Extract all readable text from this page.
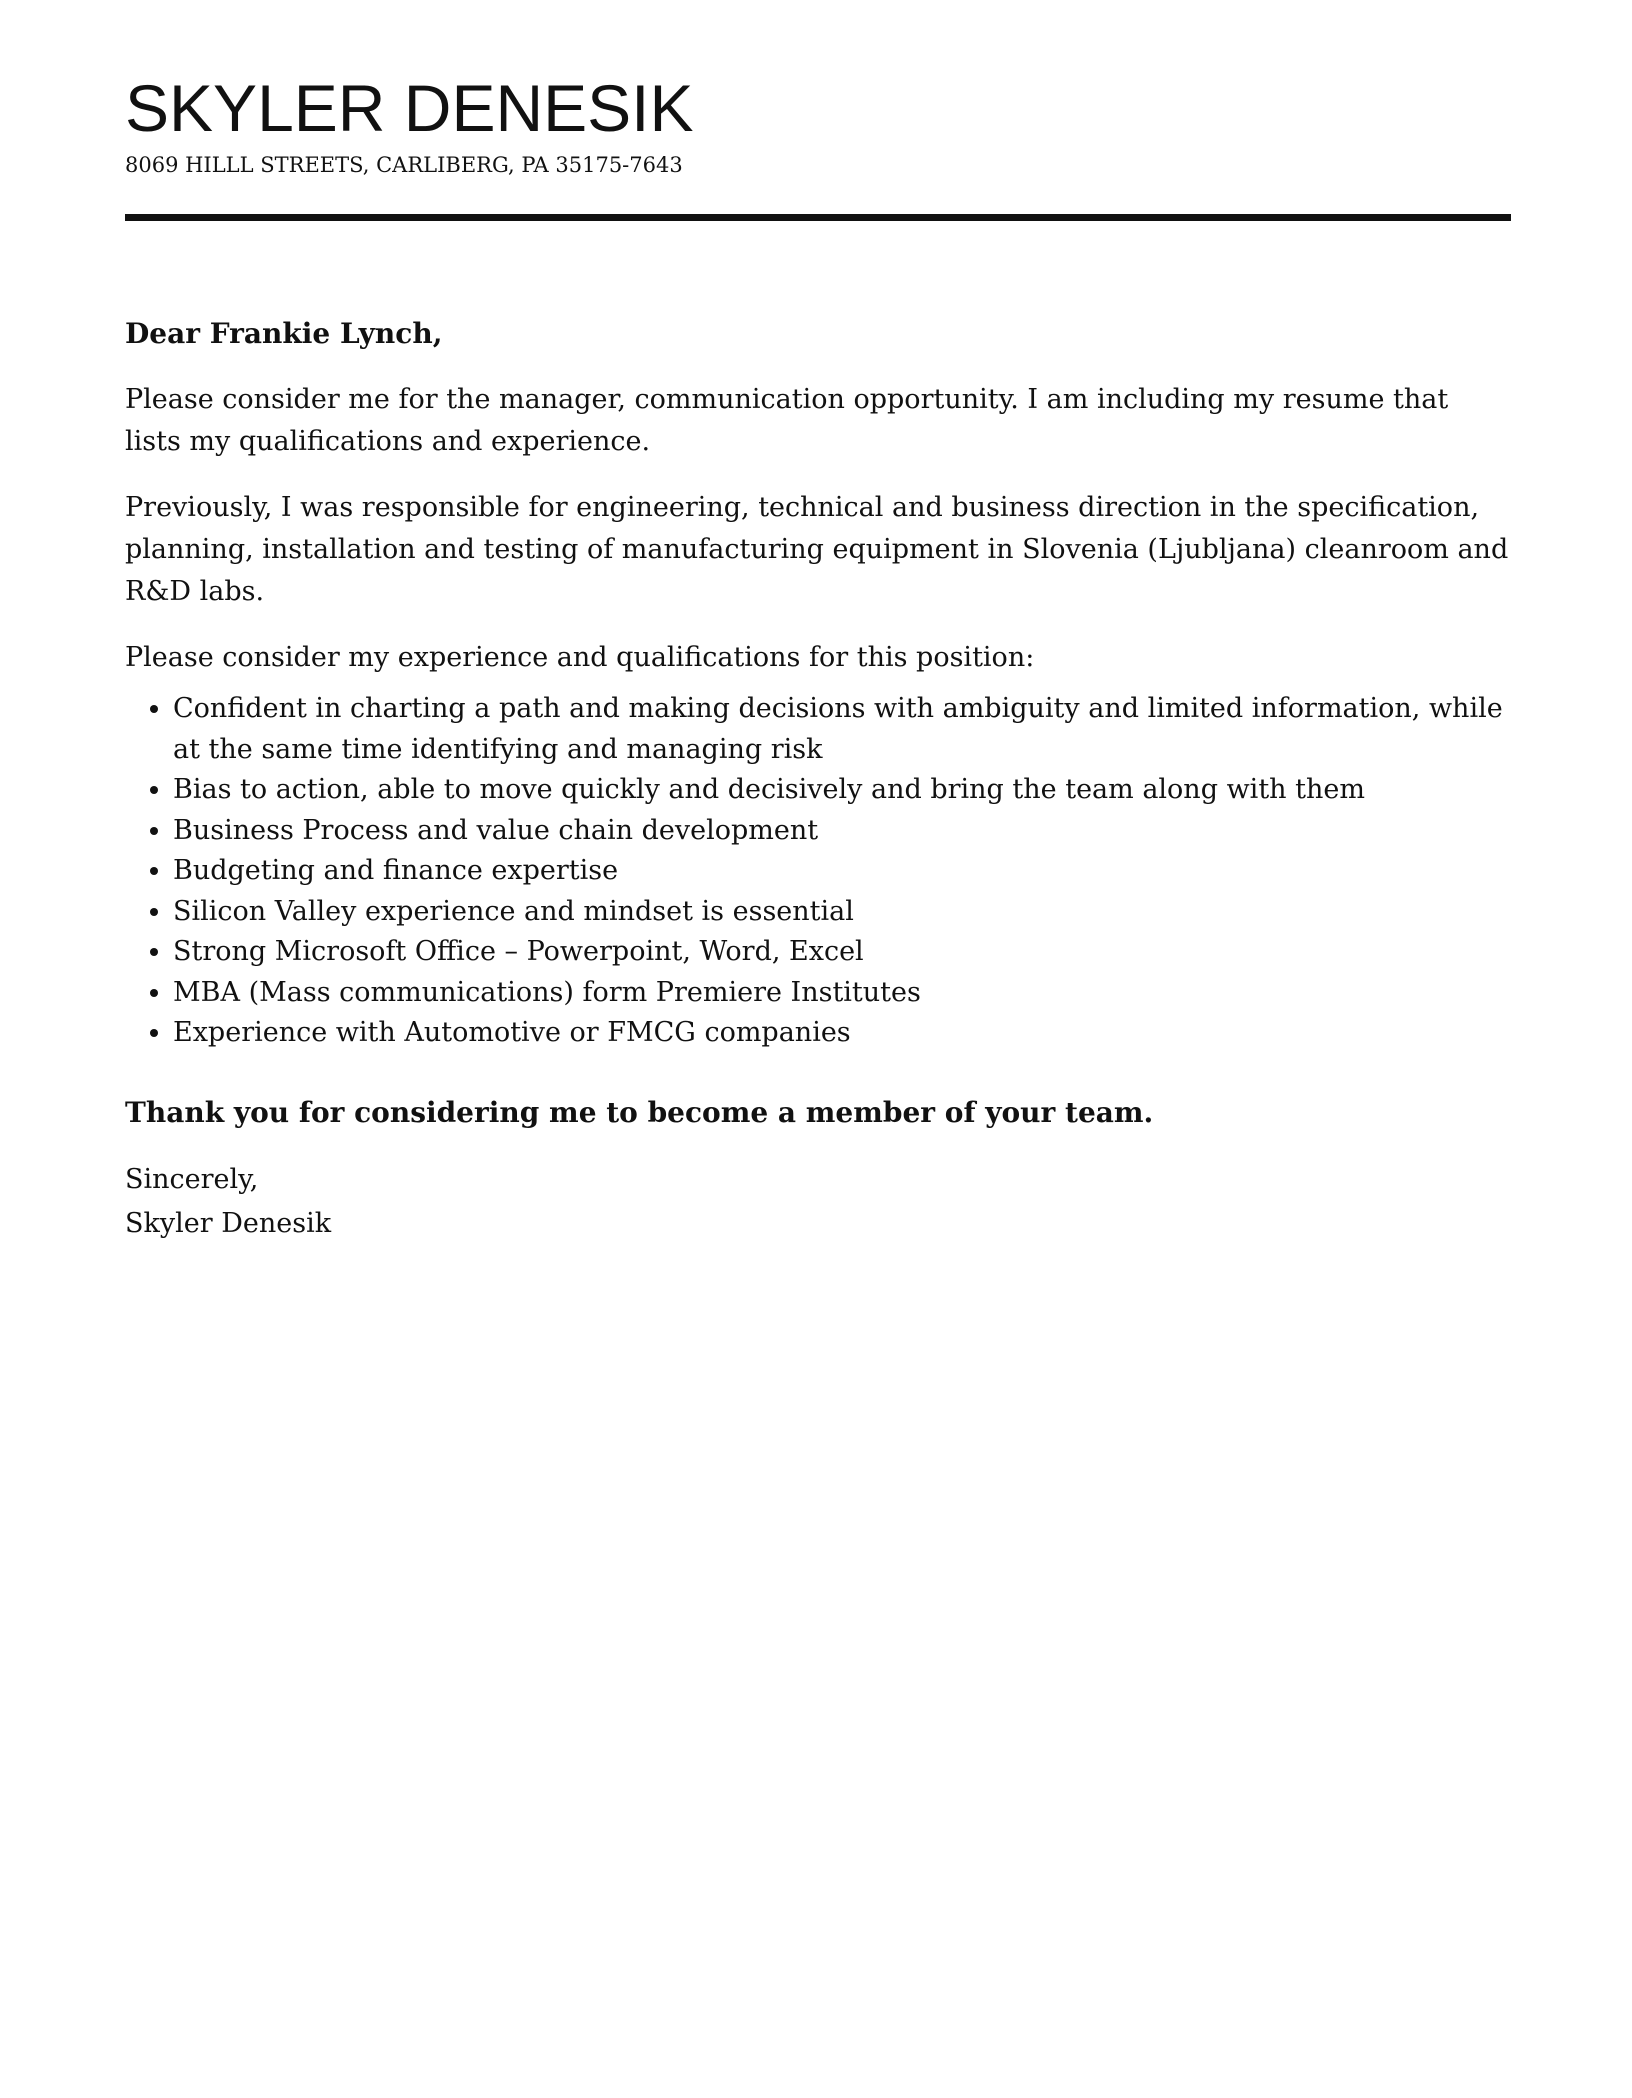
SKYLER DENESIK
8069 HILLL STREETS, CARLIBERG, PA 35175-7643

Dear Frankie Lynch,

Please consider me for the manager, communication opportunity. I am including my resume that lists my qualifications and experience.

Previously, I was responsible for engineering, technical and business direction in the specification, planning, installation and testing of manufacturing equipment in Slovenia (Ljubljana) cleanroom and R&D labs.

Please consider my experience and qualifications for this position:

• Confident in charting a path and making decisions with ambiguity and limited information, while at the same time identifying and managing risk
• Bias to action, able to move quickly and decisively and bring the team along with them
• Business Process and value chain development
• Budgeting and finance expertise
• Silicon Valley experience and mindset is essential
• Strong Microsoft Office – Powerpoint, Word, Excel
• MBA (Mass communications) form Premiere Institutes
• Experience with Automotive or FMCG companies

Thank you for considering me to become a member of your team.

Sincerely,

Skyler Denesik
